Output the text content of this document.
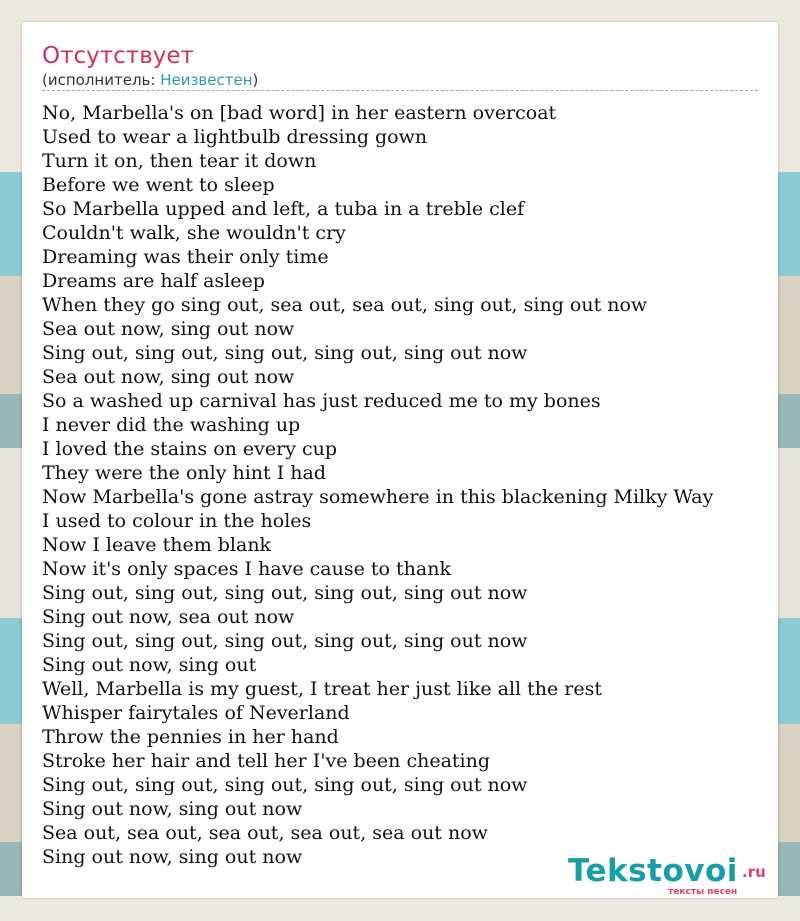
Отсутствует
(исполнитель: Неизвестен)
No, Marbella's on [bad word] in her eastern overcoat
Used to wear a lightbulb dressing gown
Turn it on, then tear it down
Before we went to sleep
So Marbella upped and left, a tuba in a treble clef
Couldn't walk, she wouldn't cry
Dreaming was their only time
Dreams are half asleep
When they go sing out, sea out, sea out, sing out, sing out now
Sea out now, sing out now
Sing out, sing out, sing out, sing out, sing out now
Sea out now, sing out now
So a washed up carnival has just reduced me to my bones
I never did the washing up
I loved the stains on every cup
They were the only hint I had
Now Marbella's gone astray somewhere in this blackening Milky Way
I used to colour in the holes
Now I leave them blank
Now it's only spaces I have cause to thank
Sing out, sing out, sing out, sing out, sing out now
Sing out now, sea out now
Sing out, sing out, sing out, sing out, sing out now
Sing out now, sing out
Well, Marbella is my guest, I treat her just like all the rest
Whisper fairytales of Neverland
Throw the pennies in her hand
Stroke her hair and tell her I've been cheating
Sing out, sing out, sing out, sing out, sing out now
Sing out now, sing out now
Sea out, sea out, sea out, sea out, sea out now
Sing out now, sing out now	Tekstovoi .ru
тексты песен
